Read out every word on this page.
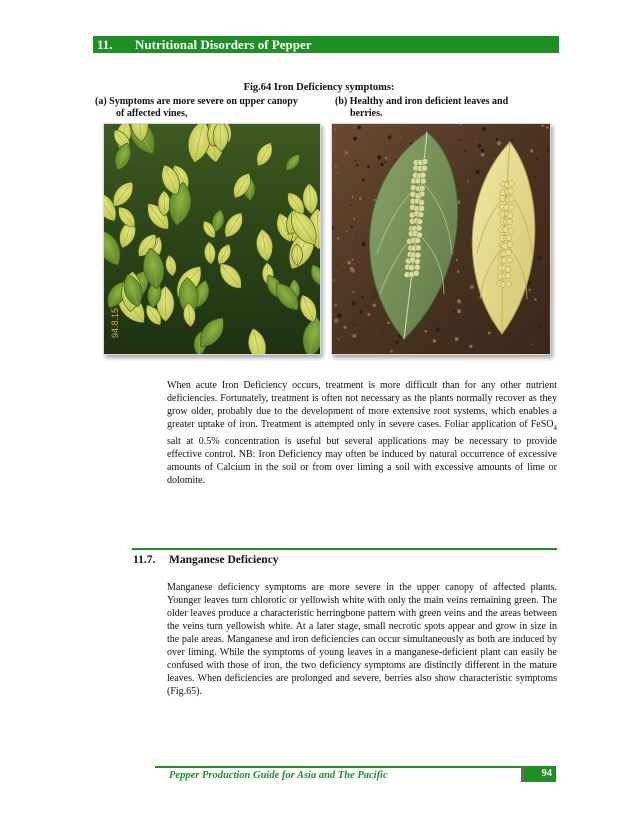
11. Nutritional Disorders of Pepper
Fig.64 Iron Deficiency symptoms:
(a) Symptoms are more severe on upper canopy
of affected vines,
(b) Healthy and iron deficient leaves and
berries.
94.8.15

When acute Iron Deficiency occurs, treatment is more difficult than for any other nutrient deficiencies. Fortunately, treatment is often not necessary as the plants normally recover as they grow older, probably due to the development of more extensive root systems, which enables a greater uptake of iron. Treatment is attempted only in severe cases. Foliar application of FeSO$_4$ salt at 0.5% concentration is useful but several applications may be necessary to provide effective control. NB: Iron Deficiency may often be induced by natural occurrence of excessive amounts of Calcium in the soil or from over liming a soil with excessive amounts of lime or dolomite.

11.7. Manganese Deficiency

Manganese deficiency symptoms are more severe in the upper canopy of affected plants. Younger leaves turn chlorotic or yellowish white with only the main veins remaining green. The older leaves produce a characteristic herringbone pattern with green veins and the areas between the veins turn yellowish white. At a later stage, small necrotic spots appear and grow in size in the pale areas. Manganese and iron deficiencies can occur simultaneously as both are induced by over liming. While the symptoms of young leaves in a manganese-deficient plant can easily be confused with those of iron, the two deficiency symptoms are distinctly different in the mature leaves. When deficiencies are prolonged and severe, berries also show characteristic symptoms (Fig.65).

Pepper Production Guide for Asia and The Pacific	94
